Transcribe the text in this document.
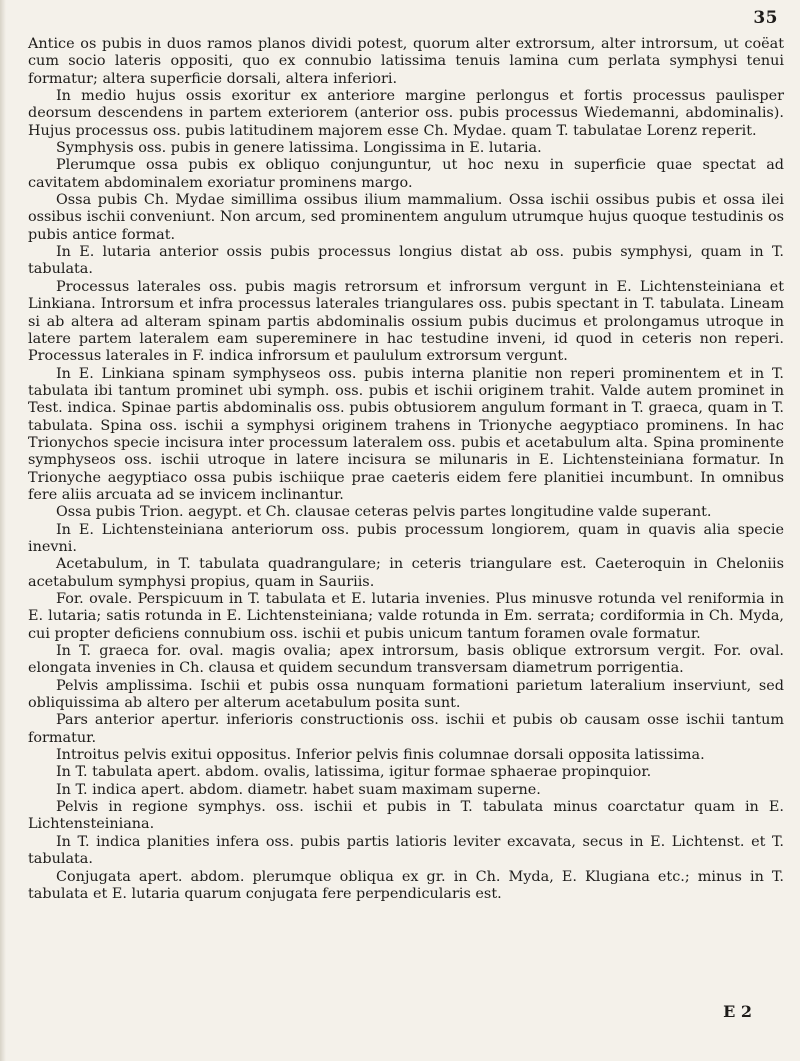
35

Antice os pubis in duos ramos planos dividi potest, quorum alter extrorsum, alter introrsum, ut coëat cum socio lateris oppositi, quo ex connubio latissima tenuis lamina cum perlata symphysi tenui formatur; altera superficie dorsali, altera inferiori.

In medio hujus ossis exoritur ex anteriore margine perlongus et fortis processus paulisper deorsum descendens in partem exteriorem (anterior oss. pubis processus Wiedemanni, abdominalis). Hujus processus oss. pubis latitudinem majorem esse Ch. Mydae. quam T. tabulatae Lorenz reperit.

Symphysis oss. pubis in genere latissima. Longissima in E. lutaria.

Plerumque ossa pubis ex obliquo conjunguntur, ut hoc nexu in superficie quae spectat ad cavitatem abdominalem exoriatur prominens margo.

Ossa pubis Ch. Mydae simillima ossibus ilium mammalium. Ossa ischii ossibus pubis et ossa ilei ossibus ischii conveniunt. Non arcum, sed prominentem angulum utrumque hujus quoque testudinis os pubis antice format.

In E. lutaria anterior ossis pubis processus longius distat ab oss. pubis symphysi, quam in T. tabulata.

Processus laterales oss. pubis magis retrorsum et infrorsum vergunt in E. Lichtensteiniana et Linkiana. Introrsum et infra processus laterales triangulares oss. pubis spectant in T. tabulata. Lineam si ab altera ad alteram spinam partis abdominalis ossium pubis ducimus et prolongamus utroque in latere partem lateralem eam supereminere in hac testudine inveni, id quod in ceteris non reperi. Processus laterales in F. indica infrorsum et paululum extrorsum vergunt.

In E. Linkiana spinam symphyseos oss. pubis interna planitie non reperi prominentem et in T. tabulata ibi tantum prominet ubi symph. oss. pubis et ischii originem trahit. Valde autem prominet in Test. indica. Spinae partis abdominalis oss. pubis obtusiorem angulum formant in T. graeca, quam in T. tabulata. Spina oss. ischii a symphysi originem trahens in Trionyche aegyptiaco prominens. In hac Trionychos specie incisura inter processum lateralem oss. pubis et acetabulum alta. Spina prominente symphyseos oss. ischii utroque in latere incisura se milunaris in E. Lichtensteiniana formatur. In Trionyche aegyptiaco ossa pubis ischiique prae caeteris eidem fere planitiei incumbunt. In omnibus fere aliis arcuata ad se invicem inclinantur.

Ossa pubis Trion. aegypt. et Ch. clausae ceteras pelvis partes longitudine valde superant.

In E. Lichtensteiniana anteriorum oss. pubis processum longiorem, quam in quavis alia specie inevni.

Acetabulum, in T. tabulata quadrangulare; in ceteris triangulare est. Caeteroquin in Cheloniis acetabulum symphysi propius, quam in Sauriis.

For. ovale. Perspicuum in T. tabulata et E. lutaria invenies. Plus minusve rotunda vel reniformia in E. lutaria; satis rotunda in E. Lichtensteiniana; valde rotunda in Em. serrata; cordiformia in Ch. Myda, cui propter deficiens connubium oss. ischii et pubis unicum tantum foramen ovale formatur.

In T. graeca for. oval. magis ovalia; apex introrsum, basis oblique extrorsum vergit. For. oval. elongata invenies in Ch. clausa et quidem secundum transversam diametrum porrigentia.

Pelvis amplissima. Ischii et pubis ossa nunquam formationi parietum lateralium inserviunt, sed obliquissima ab altero per alterum acetabulum posita sunt.

Pars anterior apertur. inferioris constructionis oss. ischii et pubis ob causam osse ischii tantum formatur.

Introitus pelvis exitui oppositus. Inferior pelvis finis columnae dorsali opposita latissima.

In T. tabulata apert. abdom. ovalis, latissima, igitur formae sphaerae propinquior.

In T. indica apert. abdom. diametr. habet suam maximam superne.

Pelvis in regione symphys. oss. ischii et pubis in T. tabulata minus coarctatur quam in E. Lichtensteiniana.

In T. indica planities infera oss. pubis partis latioris leviter excavata, secus in E. Lichtenst. et T. tabulata.

Conjugata apert. abdom. plerumque obliqua ex gr. in Ch. Myda, E. Klugiana etc.; minus in T. tabulata et E. lutaria quarum conjugata fere perpendicularis est.

E 2
